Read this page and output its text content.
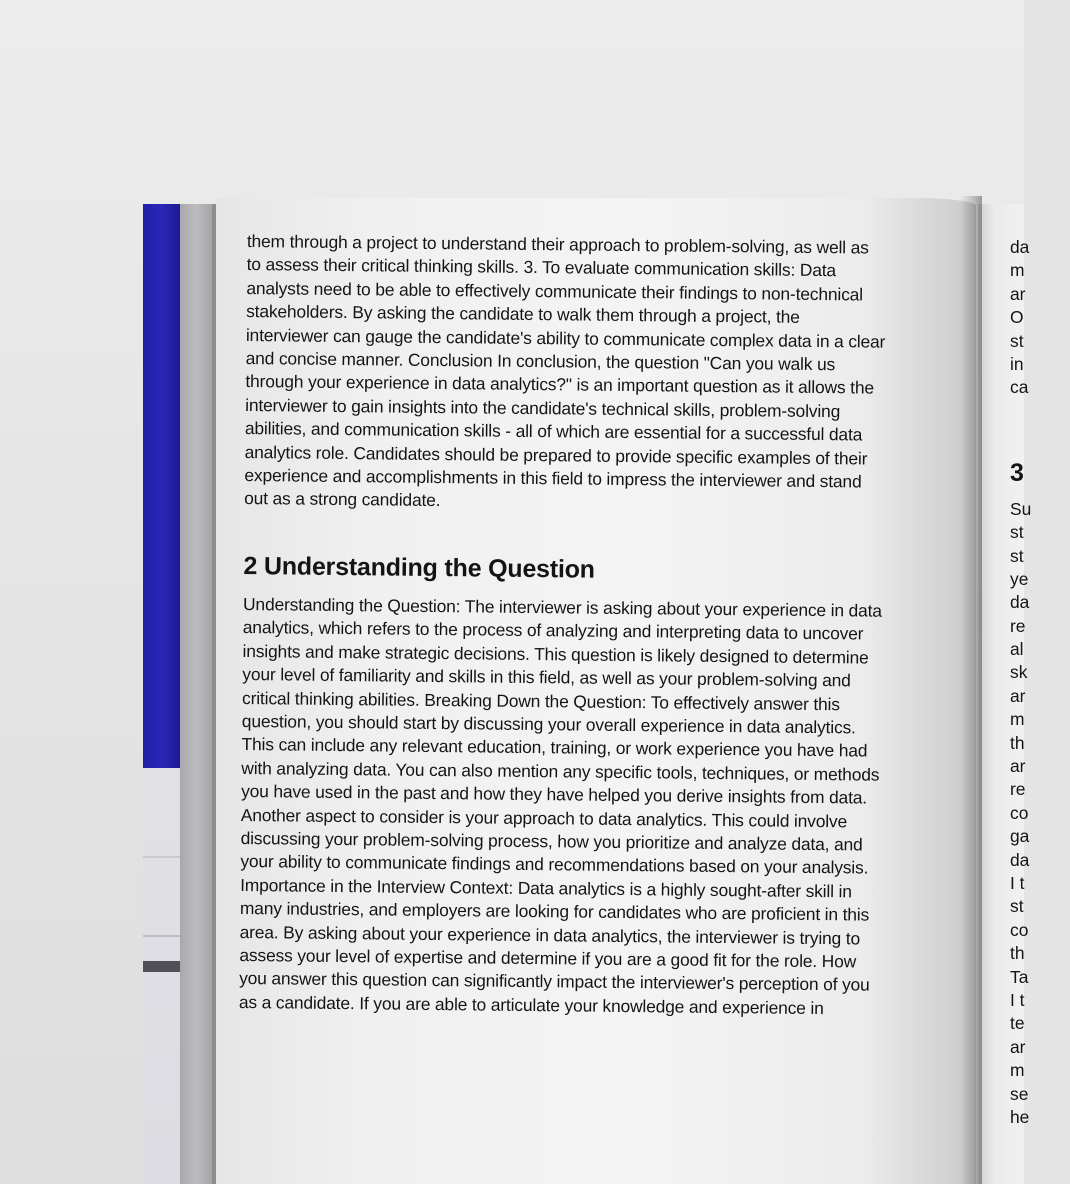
them through a project to understand their approach to problem-solving, as well as to assess their critical thinking skills. 3. To evaluate communication skills: Data analysts need to be able to effectively communicate their findings to non-technical stakeholders. By asking the candidate to walk them through a project, the interviewer can gauge the candidate's ability to communicate complex data in a clear and concise manner. Conclusion In conclusion, the question "Can you walk us through your experience in data analytics?" is an important question as it allows the interviewer to gain insights into the candidate's technical skills, problem-solving abilities, and communication skills - all of which are essential for a successful data analytics role. Candidates should be prepared to provide specific examples of their experience and accomplishments in this field to impress the interviewer and stand out as a strong candidate.

2 Understanding the Question

Understanding the Question: The interviewer is asking about your experience in data analytics, which refers to the process of analyzing and interpreting data to uncover insights and make strategic decisions. This question is likely designed to determine your level of familiarity and skills in this field, as well as your problem-solving and critical thinking abilities. Breaking Down the Question: To effectively answer this question, you should start by discussing your overall experience in data analytics. This can include any relevant education, training, or work experience you have had with analyzing data. You can also mention any specific tools, techniques, or methods you have used in the past and how they have helped you derive insights from data. Another aspect to consider is your approach to data analytics. This could involve discussing your problem-solving process, how you prioritize and analyze data, and your ability to communicate findings and recommendations based on your analysis. Importance in the Interview Context: Data analytics is a highly sought-after skill in many industries, and employers are looking for candidates who are proficient in this area. By asking about your experience in data analytics, the interviewer is trying to assess your level of expertise and determine if you are a good fit for the role. How you answer this question can significantly impact the interviewer's perception of you as a candidate. If you are able to articulate your knowledge and experience in

da
m
ar
O
st
in
ca
3
Su
st
st
ye
da
re
al
sk
ar
m
th
ar
re
co
ga
da
I t
st
co
th
Ta
I t
te
ar
m
se
he
